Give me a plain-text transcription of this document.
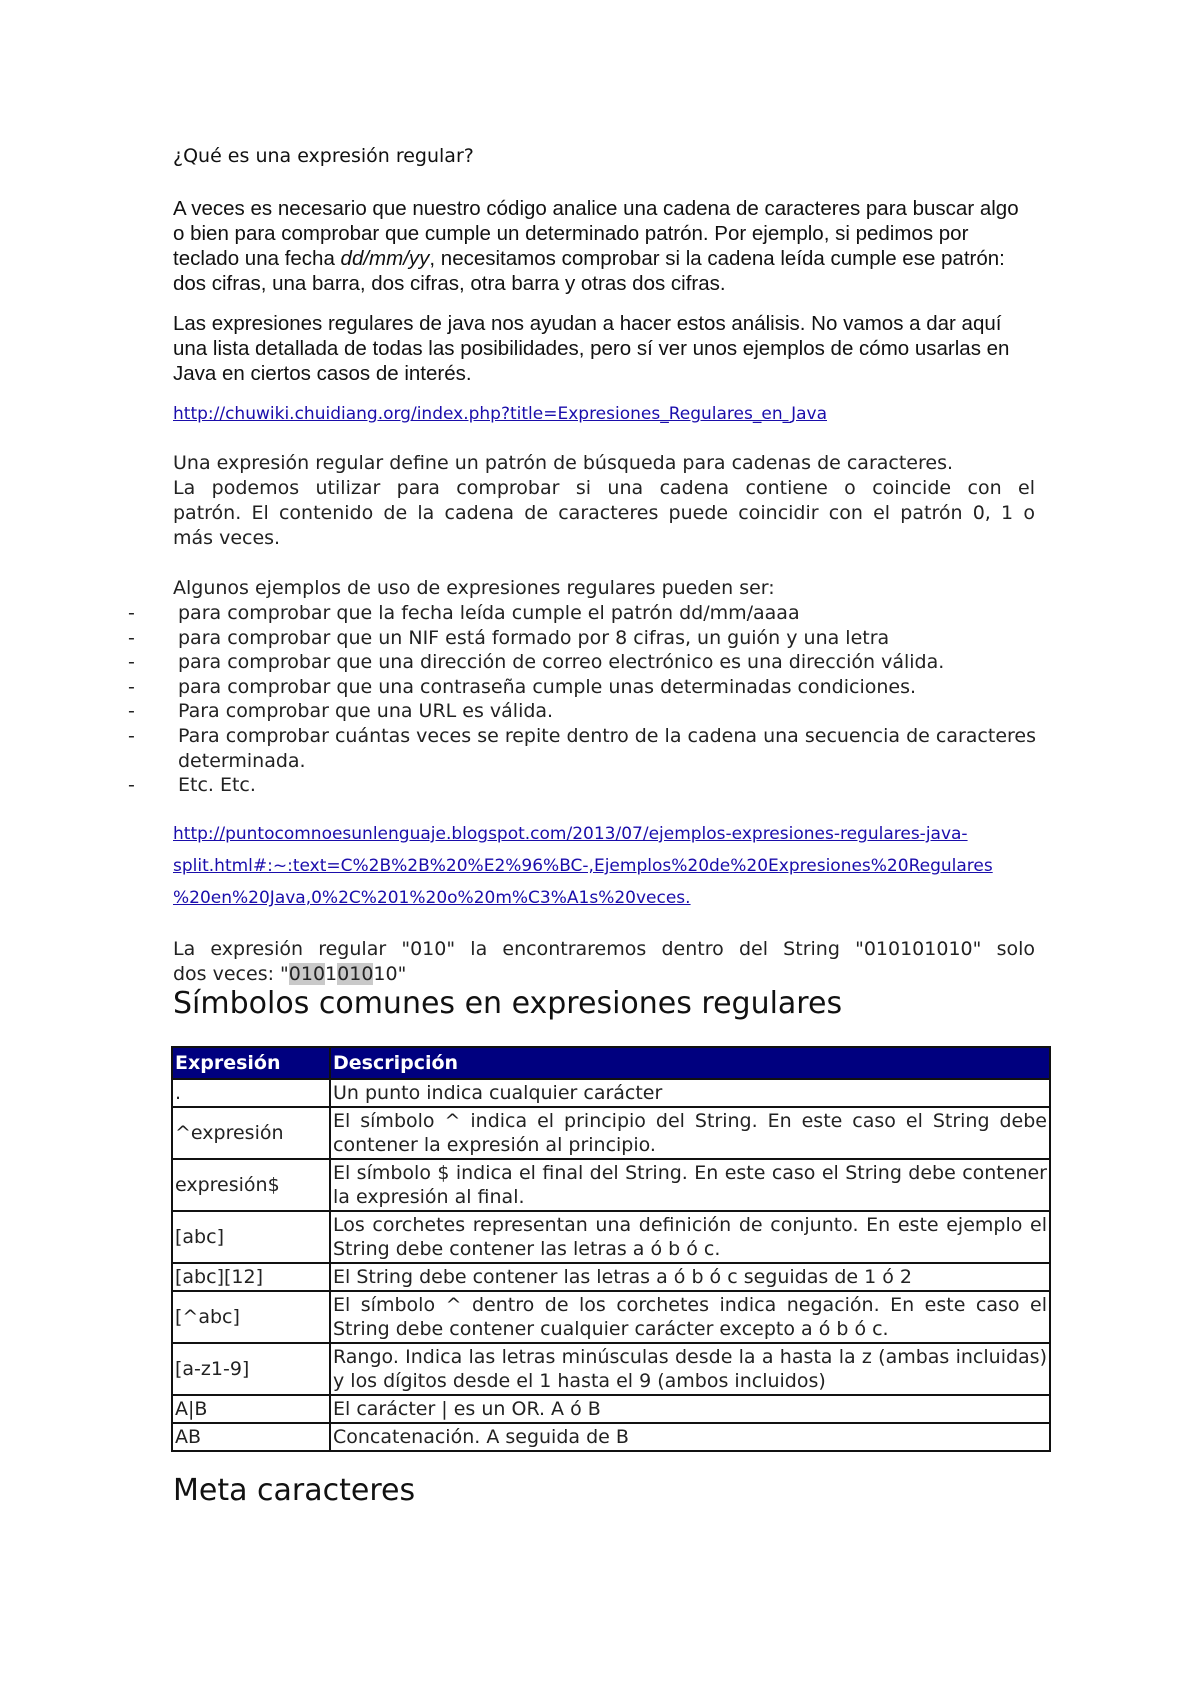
¿Qué es una expresión regular?

A veces es necesario que nuestro código analice una cadena de caracteres para buscar algo o bien para comprobar que cumple un determinado patrón. Por ejemplo, si pedimos por teclado una fecha dd/mm/yy, necesitamos comprobar si la cadena leída cumple ese patrón: dos cifras, una barra, dos cifras, otra barra y otras dos cifras.

Las expresiones regulares de java nos ayudan a hacer estos análisis. No vamos a dar aquí una lista detallada de todas las posibilidades, pero sí ver unos ejemplos de cómo usarlas en Java en ciertos casos de interés.

http://chuwiki.chuidiang.org/index.php?title=Expresiones_Regulares_en_Java
Una expresión regular define un patrón de búsqueda para cadenas de caracteres.
La podemos utilizar para comprobar si una cadena contiene o coincide con el
patrón. El contenido de la cadena de caracteres puede coincidir con el patrón 0, 1 o
más veces.
Algunos ejemplos de uso de expresiones regulares pueden ser:
- para comprobar que la fecha leída cumple el patrón dd/mm/aaaa
- para comprobar que un NIF está formado por 8 cifras, un guión y una letra
- para comprobar que una dirección de correo electrónico es una dirección válida.
- para comprobar que una contraseña cumple unas determinadas condiciones.
- Para comprobar que una URL es válida.
- Para comprobar cuántas veces se repite dentro de la cadena una secuencia de caracteres determinada.
- Etc. Etc.
http://puntocomnoesunlenguaje.blogspot.com/2013/07/ejemplos-expresiones-regulares-java-
split.html#:~:text=C%2B%2B%20%E2%96%BC-,Ejemplos%20de%20Expresiones%20Regulares
%20en%20Java,0%2C%201%20o%20m%C3%A1s%20veces.
La expresión regular "010" la encontraremos dentro del String "010101010" solo
dos veces: "010101010"
Símbolos comunes en expresiones regulares
Expresión	Descripción
.	Un punto indica cualquier carácter
^expresión	El símbolo ^ indica el principio del String. En este caso el String debe contener la expresión al principio.
expresión$	El símbolo $ indica el final del String. En este caso el String debe contener la expresión al final.
[abc]	Los corchetes representan una definición de conjunto. En este ejemplo el String debe contener las letras a ó b ó c.
[abc][12]	El String debe contener las letras a ó b ó c seguidas de 1 ó 2
[^abc]	El símbolo ^ dentro de los corchetes indica negación. En este caso el String debe contener cualquier carácter excepto a ó b ó c.
[a-z1-9]	Rango. Indica las letras minúsculas desde la a hasta la z (ambas incluidas) y los dígitos desde el 1 hasta el 9 (ambos incluidos)
A|B	El carácter | es un OR. A ó B
AB	Concatenación. A seguida de B
Meta caracteres
